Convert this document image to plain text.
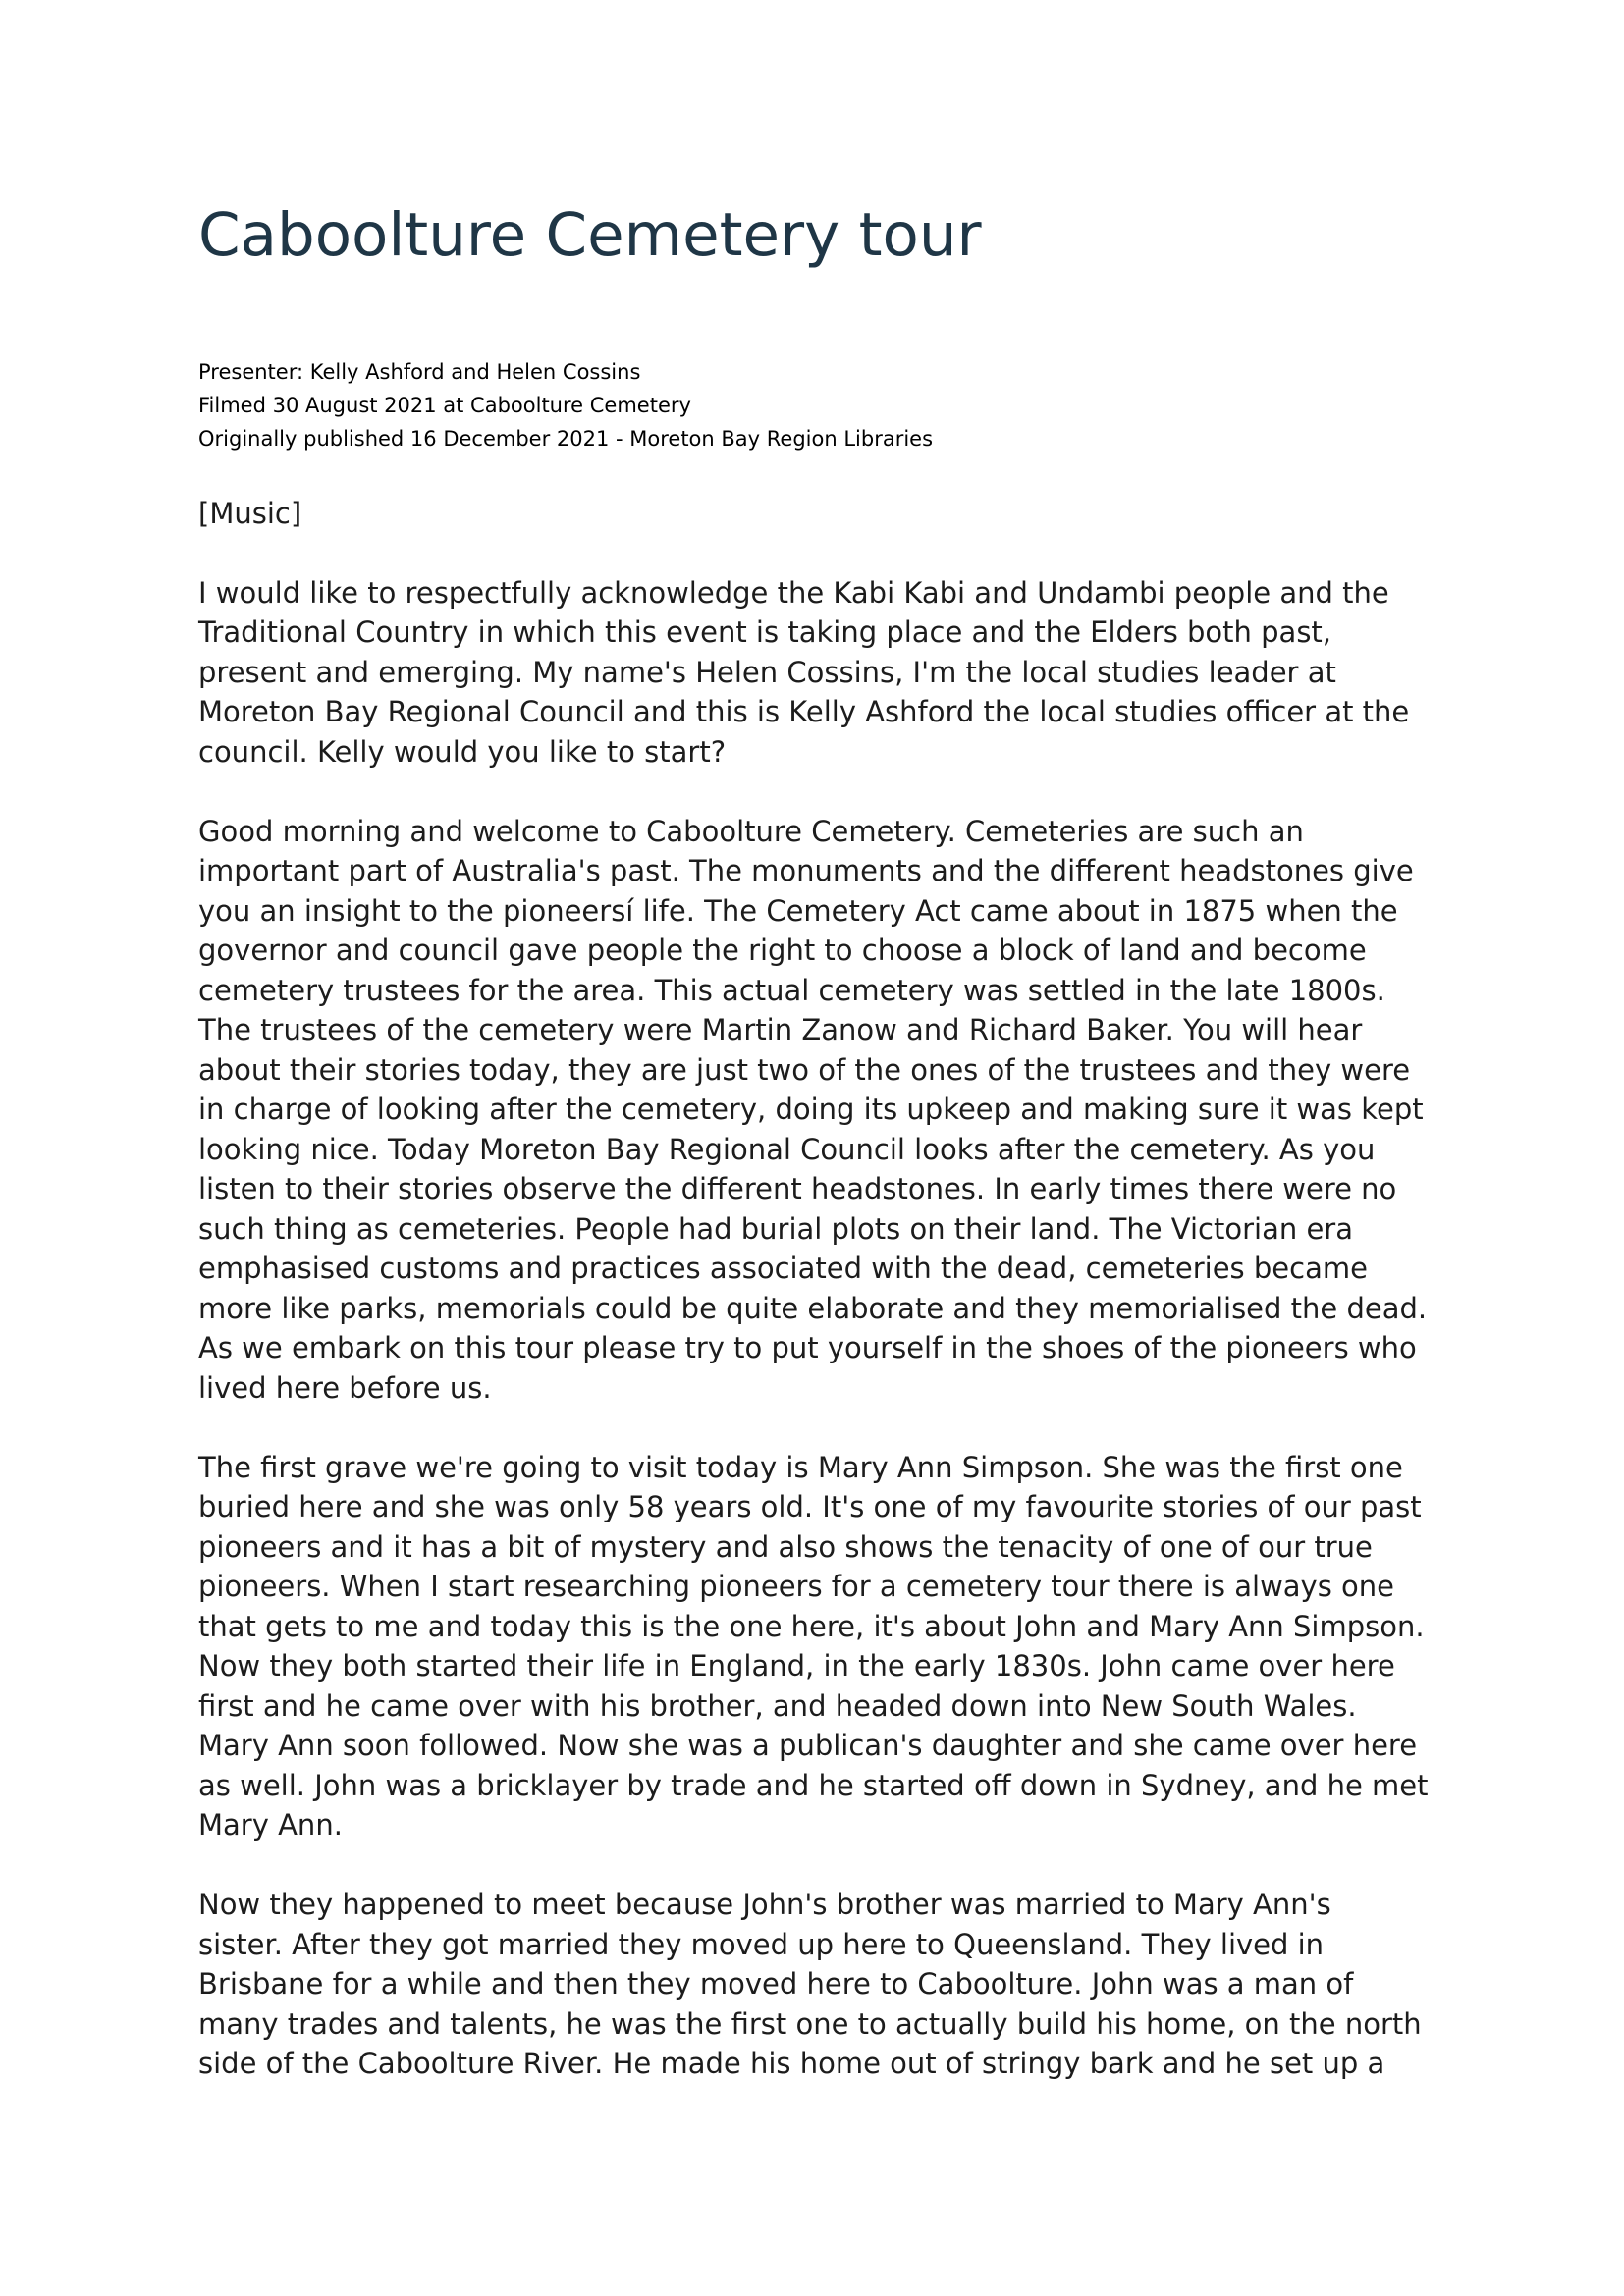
Caboolture Cemetery tour
Presenter: Kelly Ashford and Helen Cossins
Filmed 30 August 2021 at Caboolture Cemetery
Originally published 16 December 2021 - Moreton Bay Region Libraries

[Music]

I would like to respectfully acknowledge the Kabi Kabi and Undambi people and the
Traditional Country in which this event is taking place and the Elders both past,
present and emerging. My name's Helen Cossins, I'm the local studies leader at
Moreton Bay Regional Council and this is Kelly Ashford the local studies officer at the
council. Kelly would you like to start?

Good morning and welcome to Caboolture Cemetery. Cemeteries are such an
important part of Australia's past. The monuments and the different headstones give
you an insight to the pioneersí life. The Cemetery Act came about in 1875 when the
governor and council gave people the right to choose a block of land and become
cemetery trustees for the area. This actual cemetery was settled in the late 1800s.
The trustees of the cemetery were Martin Zanow and Richard Baker. You will hear
about their stories today, they are just two of the ones of the trustees and they were
in charge of looking after the cemetery, doing its upkeep and making sure it was kept
looking nice. Today Moreton Bay Regional Council looks after the cemetery. As you
listen to their stories observe the different headstones. In early times there were no
such thing as cemeteries. People had burial plots on their land. The Victorian era
emphasised customs and practices associated with the dead, cemeteries became
more like parks, memorials could be quite elaborate and they memorialised the dead.
As we embark on this tour please try to put yourself in the shoes of the pioneers who
lived here before us.

The first grave we're going to visit today is Mary Ann Simpson. She was the first one
buried here and she was only 58 years old. It's one of my favourite stories of our past
pioneers and it has a bit of mystery and also shows the tenacity of one of our true
pioneers. When I start researching pioneers for a cemetery tour there is always one
that gets to me and today this is the one here, it's about John and Mary Ann Simpson.
Now they both started their life in England, in the early 1830s. John came over here
first and he came over with his brother, and headed down into New South Wales.
Mary Ann soon followed. Now she was a publican's daughter and she came over here
as well. John was a bricklayer by trade and he started off down in Sydney, and he met
Mary Ann.

Now they happened to meet because John's brother was married to Mary Ann's
sister. After they got married they moved up here to Queensland. They lived in
Brisbane for a while and then they moved here to Caboolture. John was a man of
many trades and talents, he was the first one to actually build his home, on the north
side of the Caboolture River. He made his home out of stringy bark and he set up a
